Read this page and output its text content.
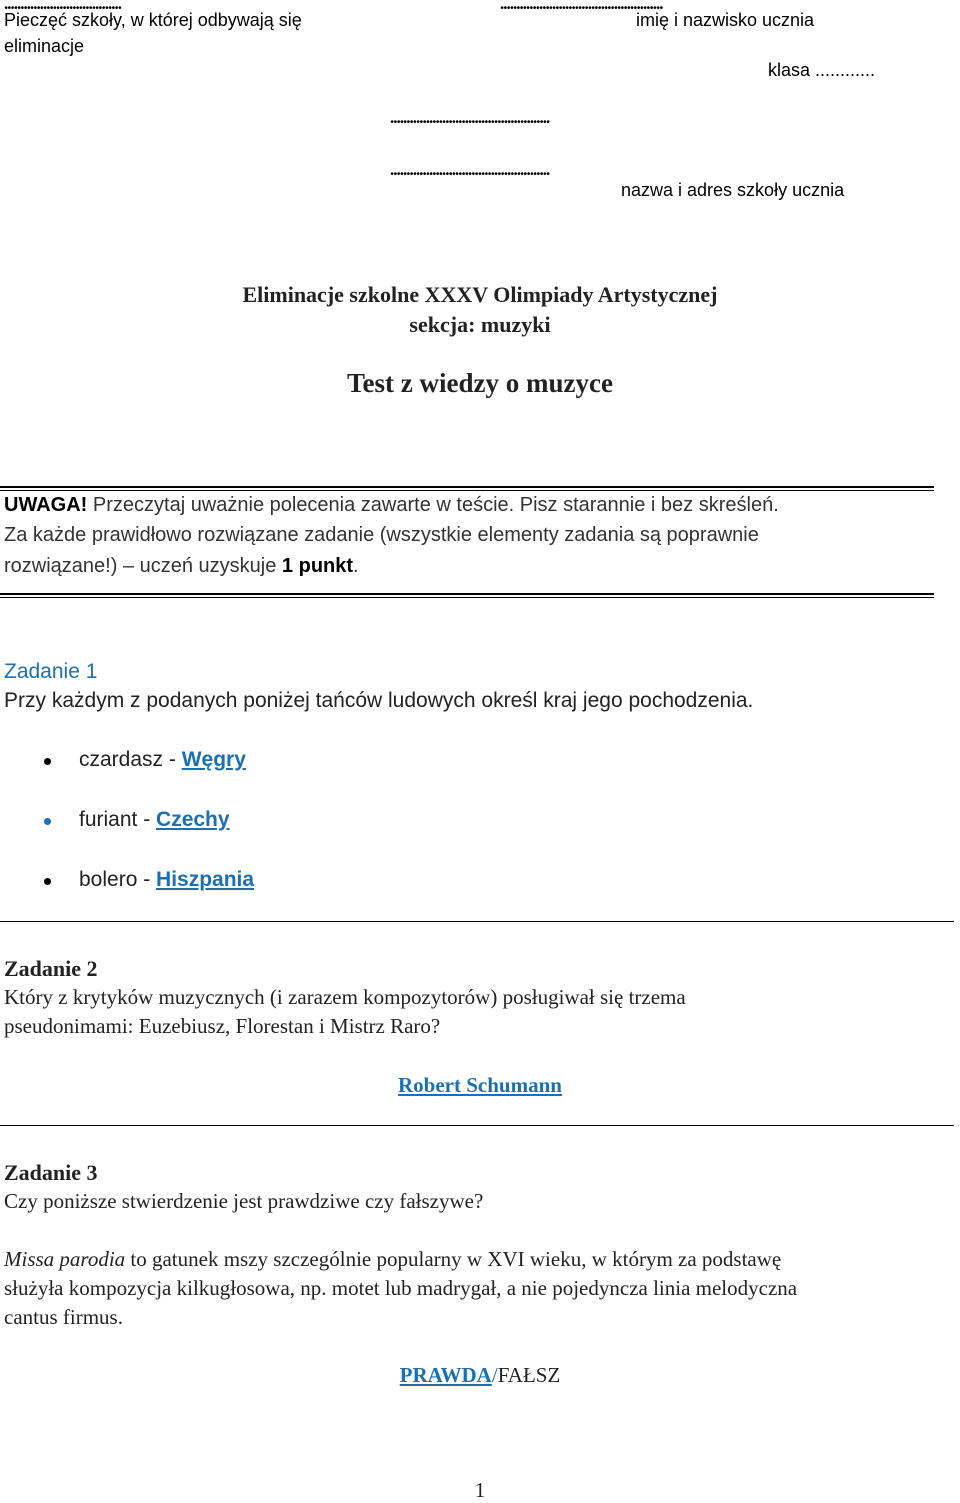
....................................
Pieczęć szkoły, w której odbywają się
eliminacje
..................................................
imię i nazwisko ucznia
klasa ............
.................................................
.................................................
nazwa i adres szkoły ucznia
Eliminacje szkolne XXXV Olimpiady Artystycznej
sekcja: muzyki
Test z wiedzy o muzyce
UWAGA! Przeczytaj uważnie polecenia zawarte w teście. Pisz starannie i bez skreśleń.
Za każde prawidłowo rozwiązane zadanie (wszystkie elementy zadania są poprawnie
rozwiązane!) – uczeń uzyskuje 1 punkt.
Zadanie 1
Przy każdym z podanych poniżej tańców ludowych określ kraj jego pochodzenia.
czardasz - Węgry
furiant - Czechy
bolero - Hiszpania
Zadanie 2
Który z krytyków muzycznych (i zarazem kompozytorów) posługiwał się trzema
pseudonimami: Euzebiusz, Florestan i Mistrz Raro?
Robert Schumann
Zadanie 3
Czy poniższe stwierdzenie jest prawdziwe czy fałszywe?
Missa parodia to gatunek mszy szczególnie popularny w XVI wieku, w którym za podstawę
służyła kompozycja kilkugłosowa, np. motet lub madrygał, a nie pojedyncza linia melodyczna
cantus firmus.
PRAWDA/FAŁSZ
1
